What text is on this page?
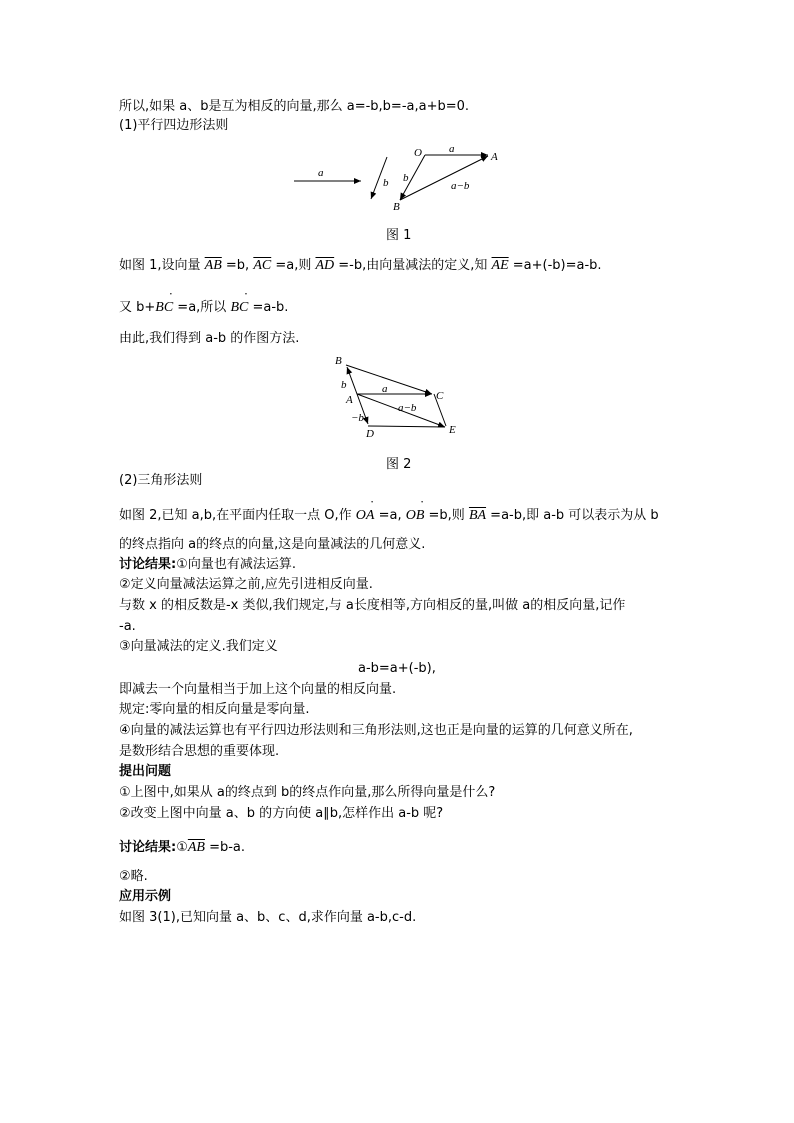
所以,如果 a、b是互为相反的向量,那么 a=-b,b=-a,a+b=0.
(1)平行四边形法则
a
b
O	A
a
b
a−b
B
图 1
如图 1,设向量 $\overline{AB} =b$, $\overline{AC} =a$,则 $\overline{AD} =-b$,由向量减法的定义,知 $\overline{AE} =a+(-b)=a-b$.
又 b+BC ˙ =a,所以 BC ˙ =a-b.
由此,我们得到 a-b 的作图方法.
B
b
A
a
C
a−b
−b
D	E
图 2
(2)三角形法则
如图 2,已知 a,b,在平面内任取一点 O,作 OA ˙ =a, OB ˙ =b,则 $\overline{BA} =a-b$,即 a-b 可以表示为从 b
的终点指向 a的终点的向量,这是向量减法的几何意义.
讨论结果:①向量也有减法运算.
②定义向量减法运算之前,应先引进相反向量.
与数 x 的相反数是-x 类似,我们规定,与 a长度相等,方向相反的量,叫做 a的相反向量,记作
-a.
③向量减法的定义.我们定义
a-b=a+(-b),
即减去一个向量相当于加上这个向量的相反向量.
规定:零向量的相反向量是零向量.
④向量的减法运算也有平行四边形法则和三角形法则,这也正是向量的运算的几何意义所在,
是数形结合思想的重要体现.
提出问题
①上图中,如果从 a的终点到 b的终点作向量,那么所得向量是什么?
②改变上图中向量 a、b 的方向使 a∥b,怎样作出 a-b 呢?
讨论结果$:①\overline{AB} =b-a$.
②略.
应用示例
如图 3(1),已知向量 a、b、c、d,求作向量 a-b,c-d.
